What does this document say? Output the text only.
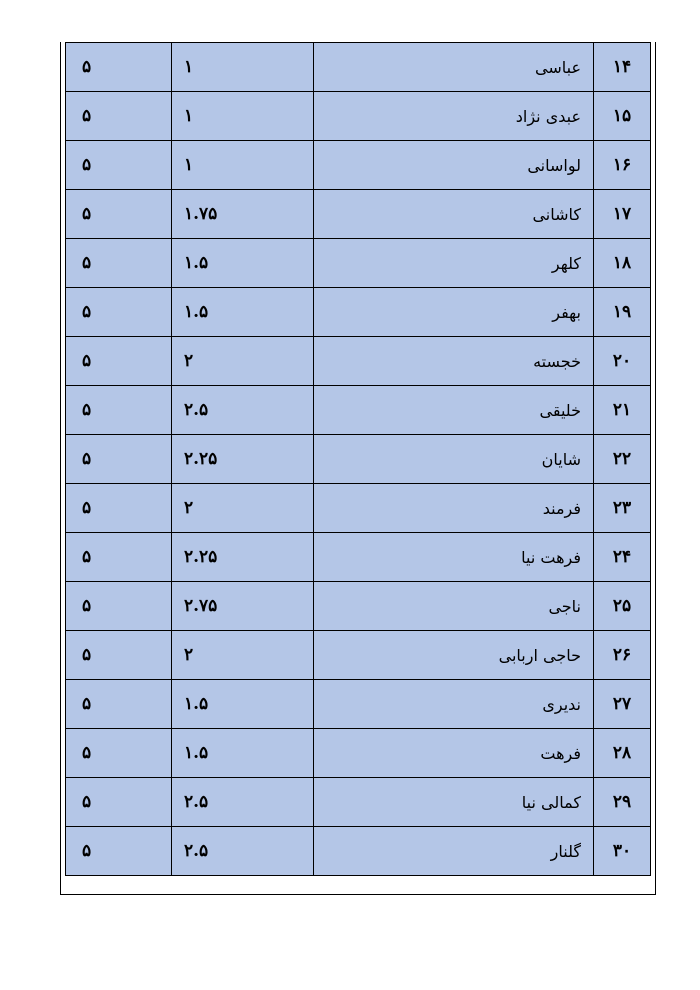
۱۴	عباسی	۱	۵
۱۵	عبدی نژاد	۱	۵
۱۶	لواسانی	۱	۵
۱۷	کاشانی	۱.۷۵	۵
۱۸	کلهر	۱.۵	۵
۱۹	بهفر	۱.۵	۵
۲۰	خجسته	۲	۵
۲۱	خلیقی	۲.۵	۵
۲۲	شایان	۲.۲۵	۵
۲۳	فرمند	۲	۵
۲۴	فرهت نیا	۲.۲۵	۵
۲۵	ناجی	۲.۷۵	۵
۲۶	حاجی اربابی	۲	۵
۲۷	ندیری	۱.۵	۵
۲۸	فرهت	۱.۵	۵
۲۹	کمالی نیا	۲.۵	۵
۳۰	گلنار	۲.۵	۵
